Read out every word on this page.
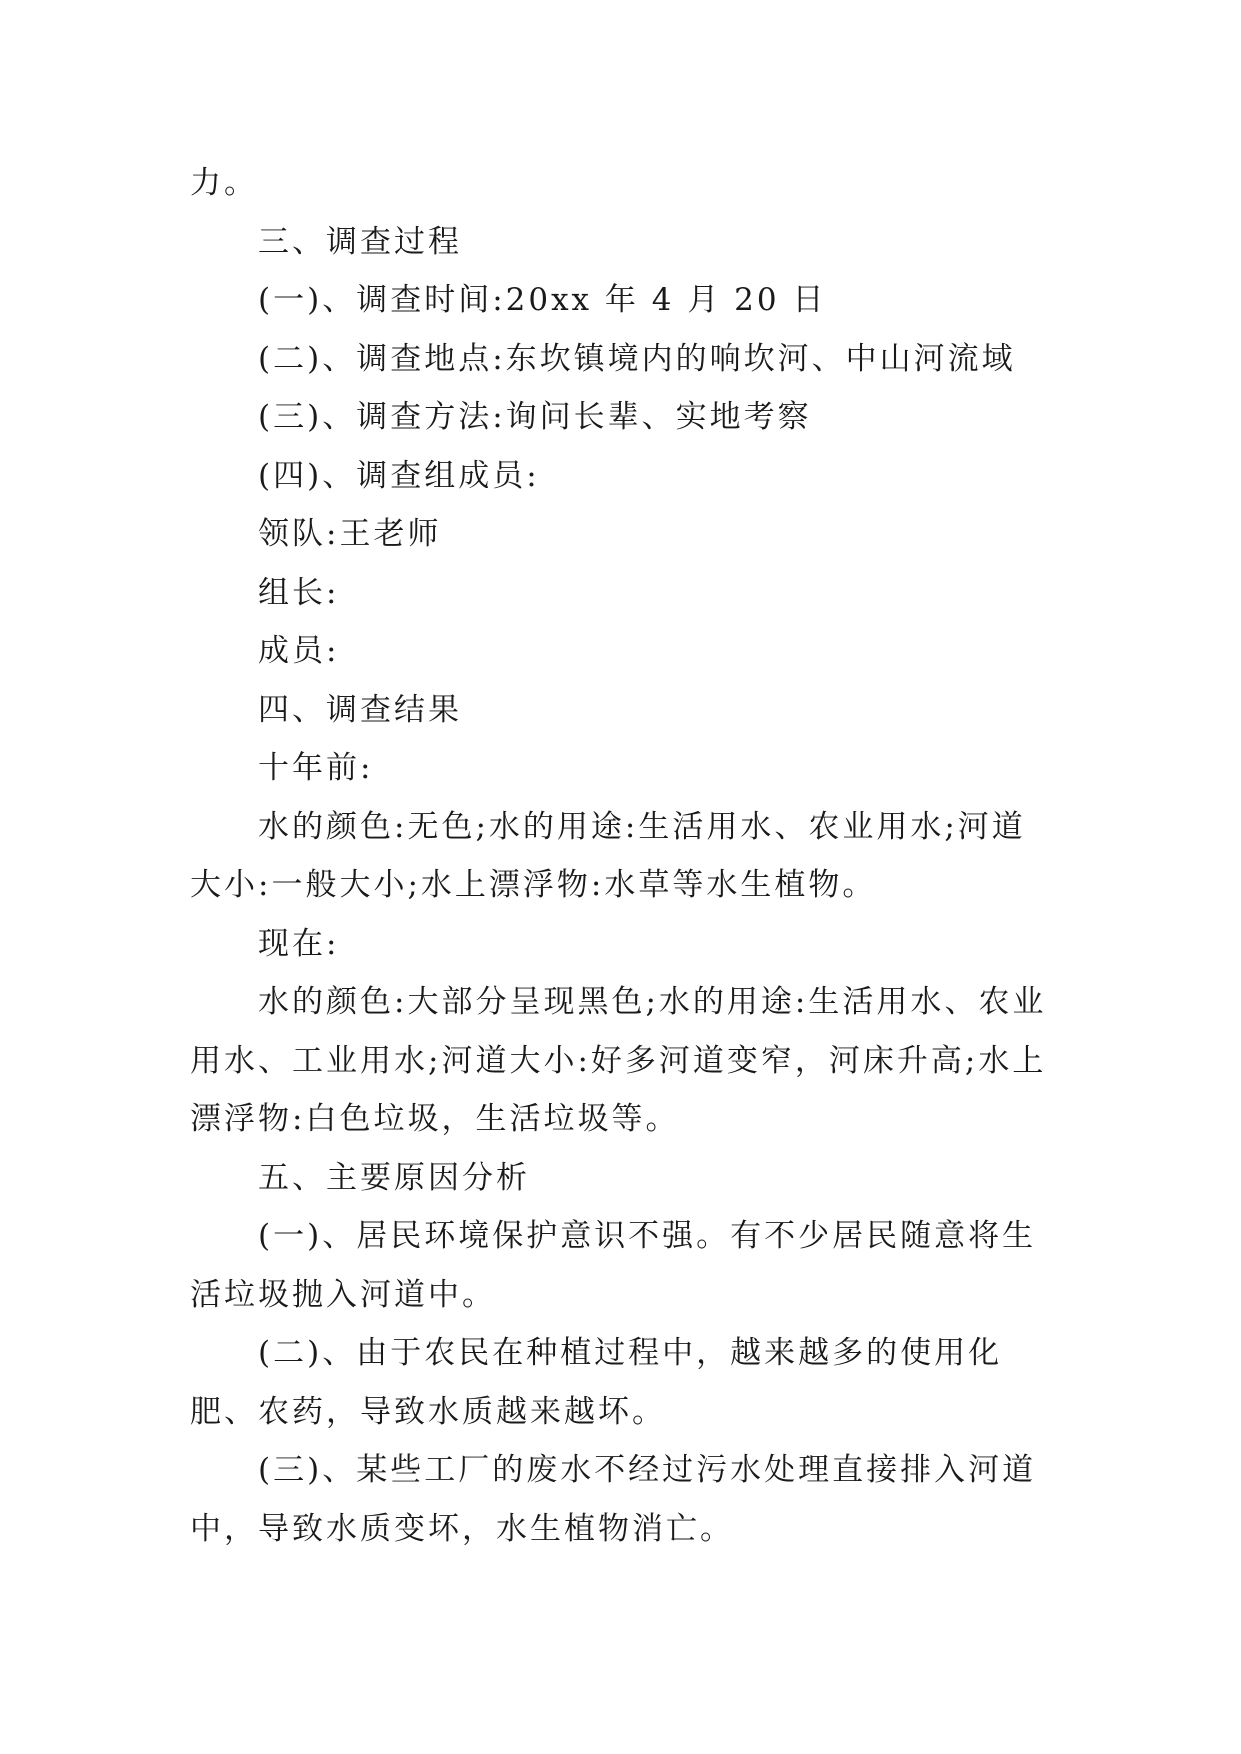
力。

三、调查过程

(一)、调查时间:20xx 年 4 月 20 日

(二)、调查地点:东坎镇境内的响坎河、中山河流域

(三)、调查方法:询问长辈、实地考察

(四)、调查组成员:

领队:王老师

组长:

成员:

四、调查结果

十年前:

水的颜色:无色;水的用途:生活用水、农业用水;河道大小:一般大小;水上漂浮物:水草等水生植物。

现在:

水的颜色:大部分呈现黑色;水的用途:生活用水、农业用水、工业用水;河道大小:好多河道变窄，河床升高;水上漂浮物:白色垃圾，生活垃圾等。

五、主要原因分析

(一)、居民环境保护意识不强。有不少居民随意将生活垃圾抛入河道中。

(二)、由于农民在种植过程中，越来越多的使用化肥、农药，导致水质越来越坏。

(三)、某些工厂的废水不经过污水处理直接排入河道中，导致水质变坏，水生植物消亡。
